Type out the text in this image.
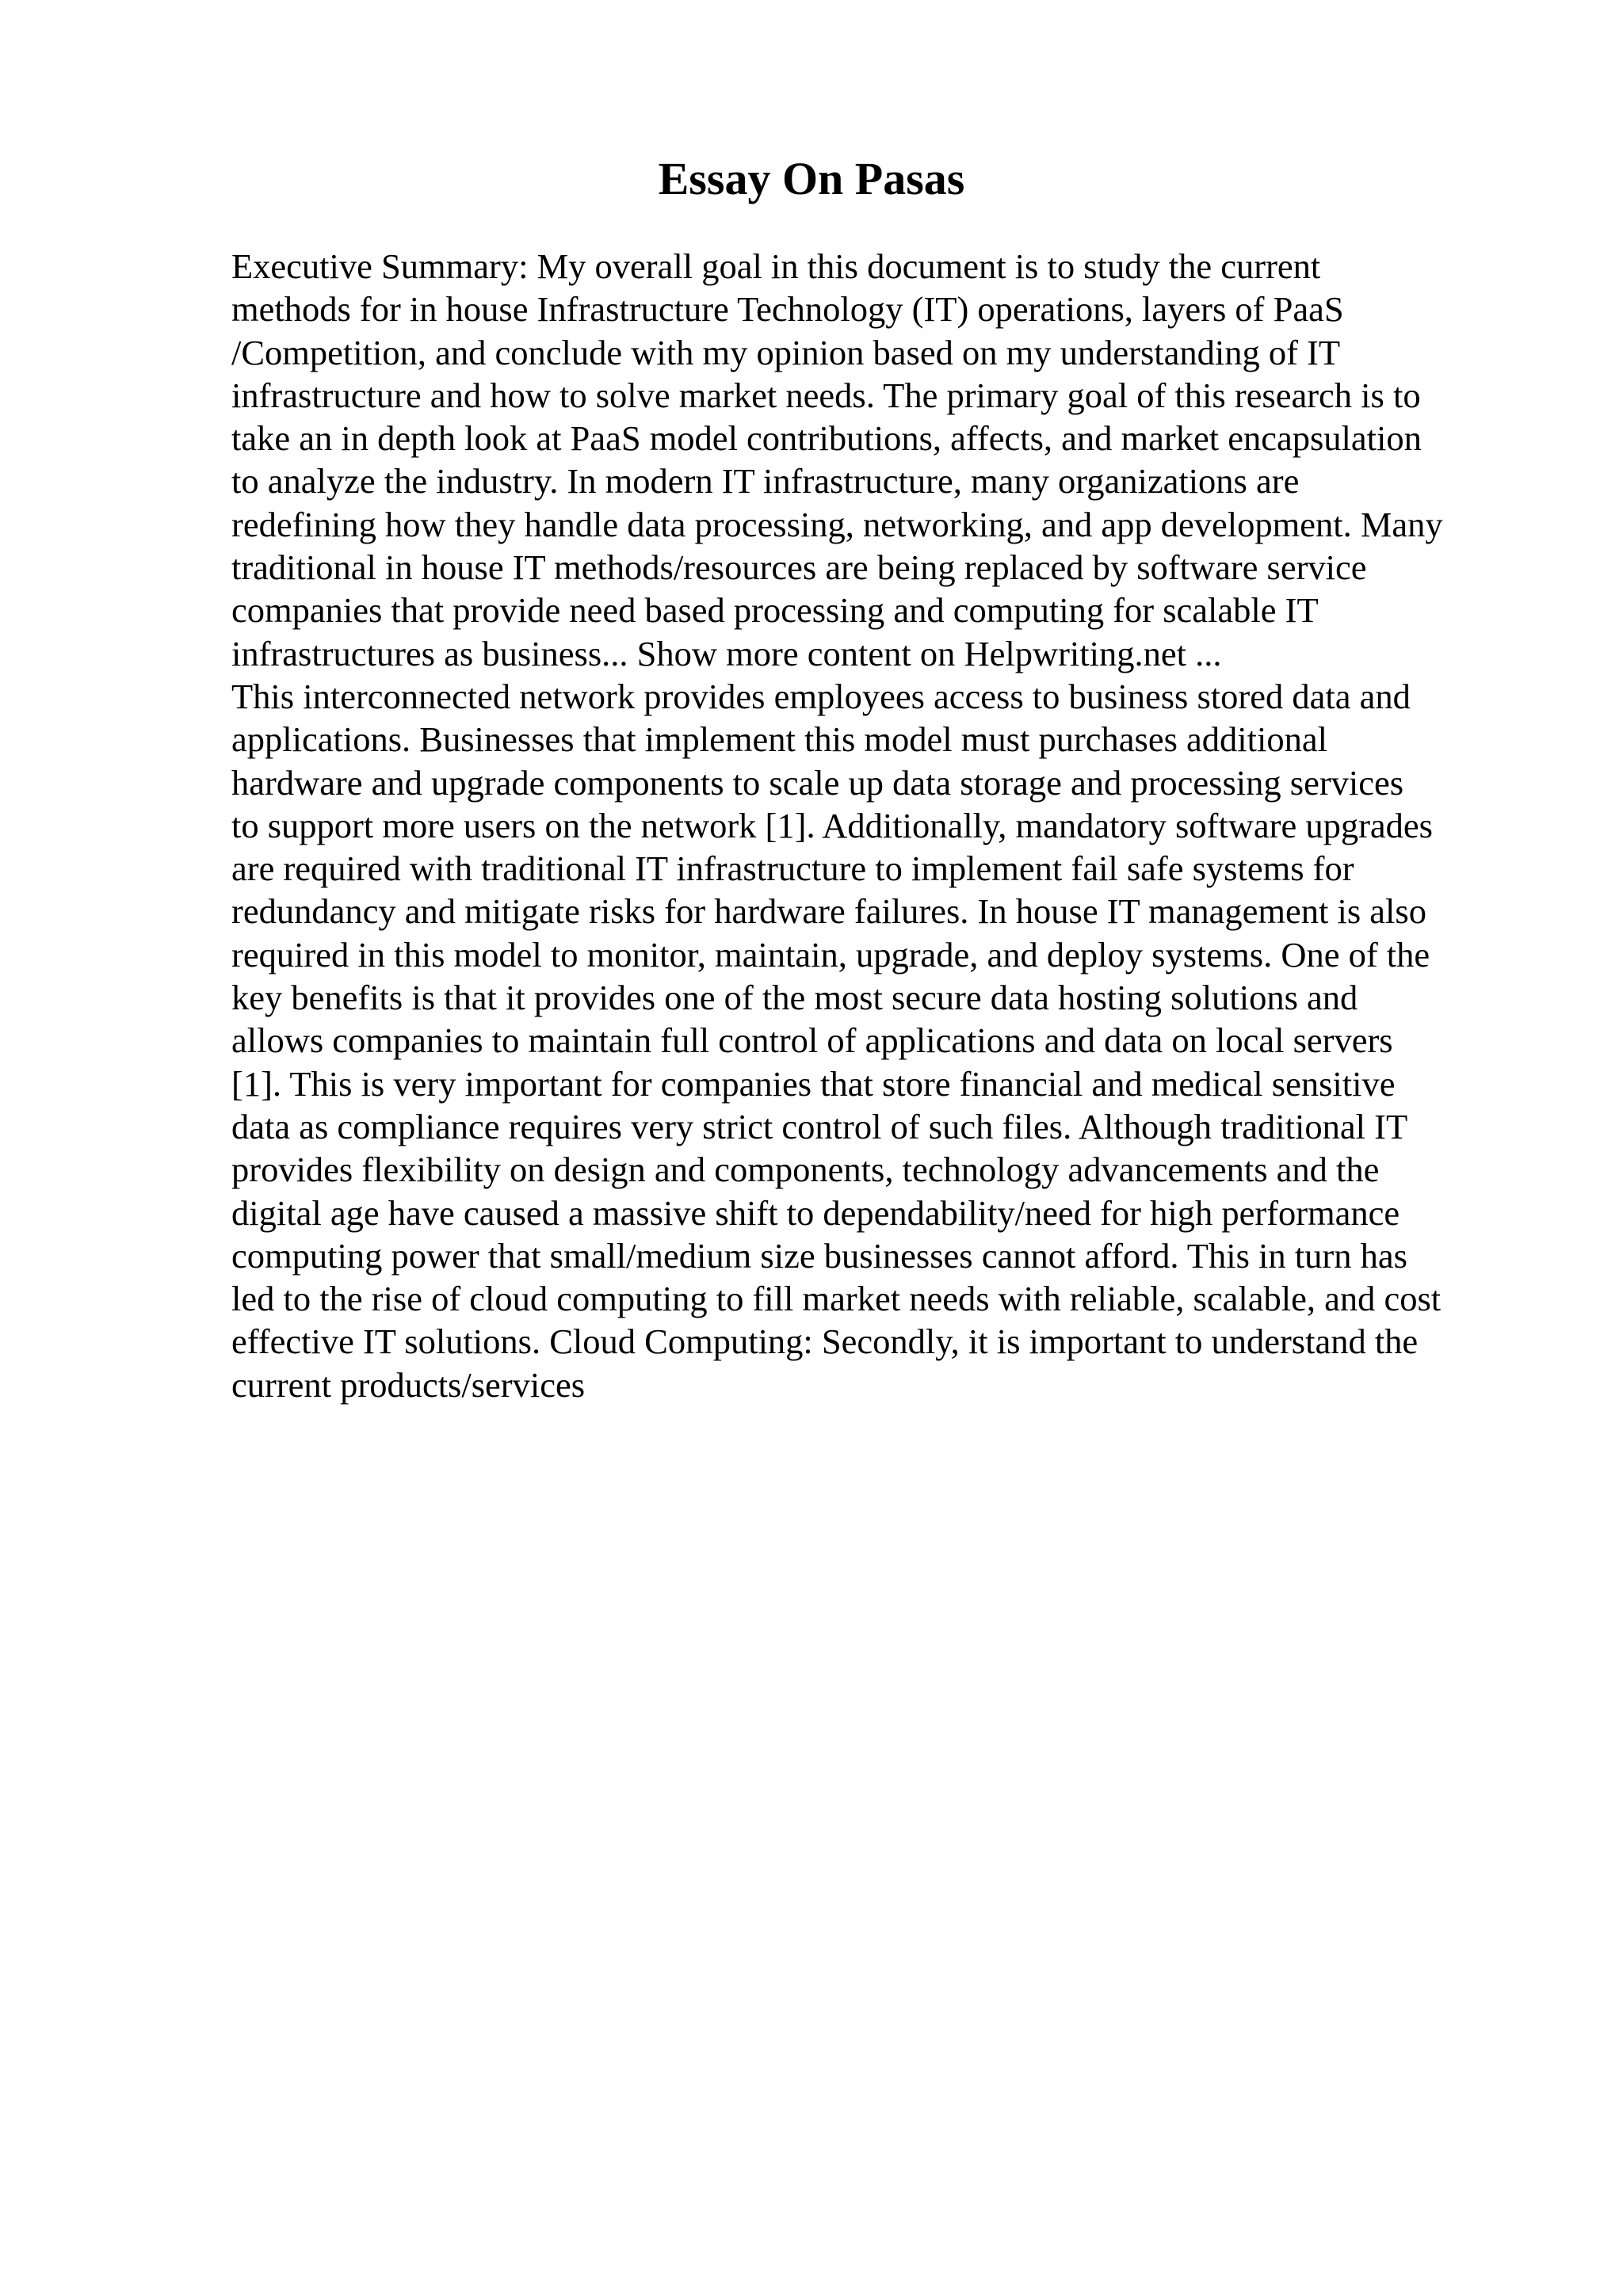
Essay On Pasas
Executive Summary: My overall goal in this document is to study the current
methods for in house Infrastructure Technology (IT) operations, layers of PaaS
/Competition, and conclude with my opinion based on my understanding of IT
infrastructure and how to solve market needs. The primary goal of this research is to
take an in depth look at PaaS model contributions, affects, and market encapsulation
to analyze the industry. In modern IT infrastructure, many organizations are
redefining how they handle data processing, networking, and app development. Many
traditional in house IT methods/resources are being replaced by software service
companies that provide need based processing and computing for scalable IT
infrastructures as business... Show more content on Helpwriting.net ...
This interconnected network provides employees access to business stored data and
applications. Businesses that implement this model must purchases additional
hardware and upgrade components to scale up data storage and processing services
to support more users on the network [1]. Additionally, mandatory software upgrades
are required with traditional IT infrastructure to implement fail safe systems for
redundancy and mitigate risks for hardware failures. In house IT management is also
required in this model to monitor, maintain, upgrade, and deploy systems. One of the
key benefits is that it provides one of the most secure data hosting solutions and
allows companies to maintain full control of applications and data on local servers
[1]. This is very important for companies that store financial and medical sensitive
data as compliance requires very strict control of such files. Although traditional IT
provides flexibility on design and components, technology advancements and the
digital age have caused a massive shift to dependability/need for high performance
computing power that small/medium size businesses cannot afford. This in turn has
led to the rise of cloud computing to fill market needs with reliable, scalable, and cost
effective IT solutions. Cloud Computing: Secondly, it is important to understand the
current products/services
